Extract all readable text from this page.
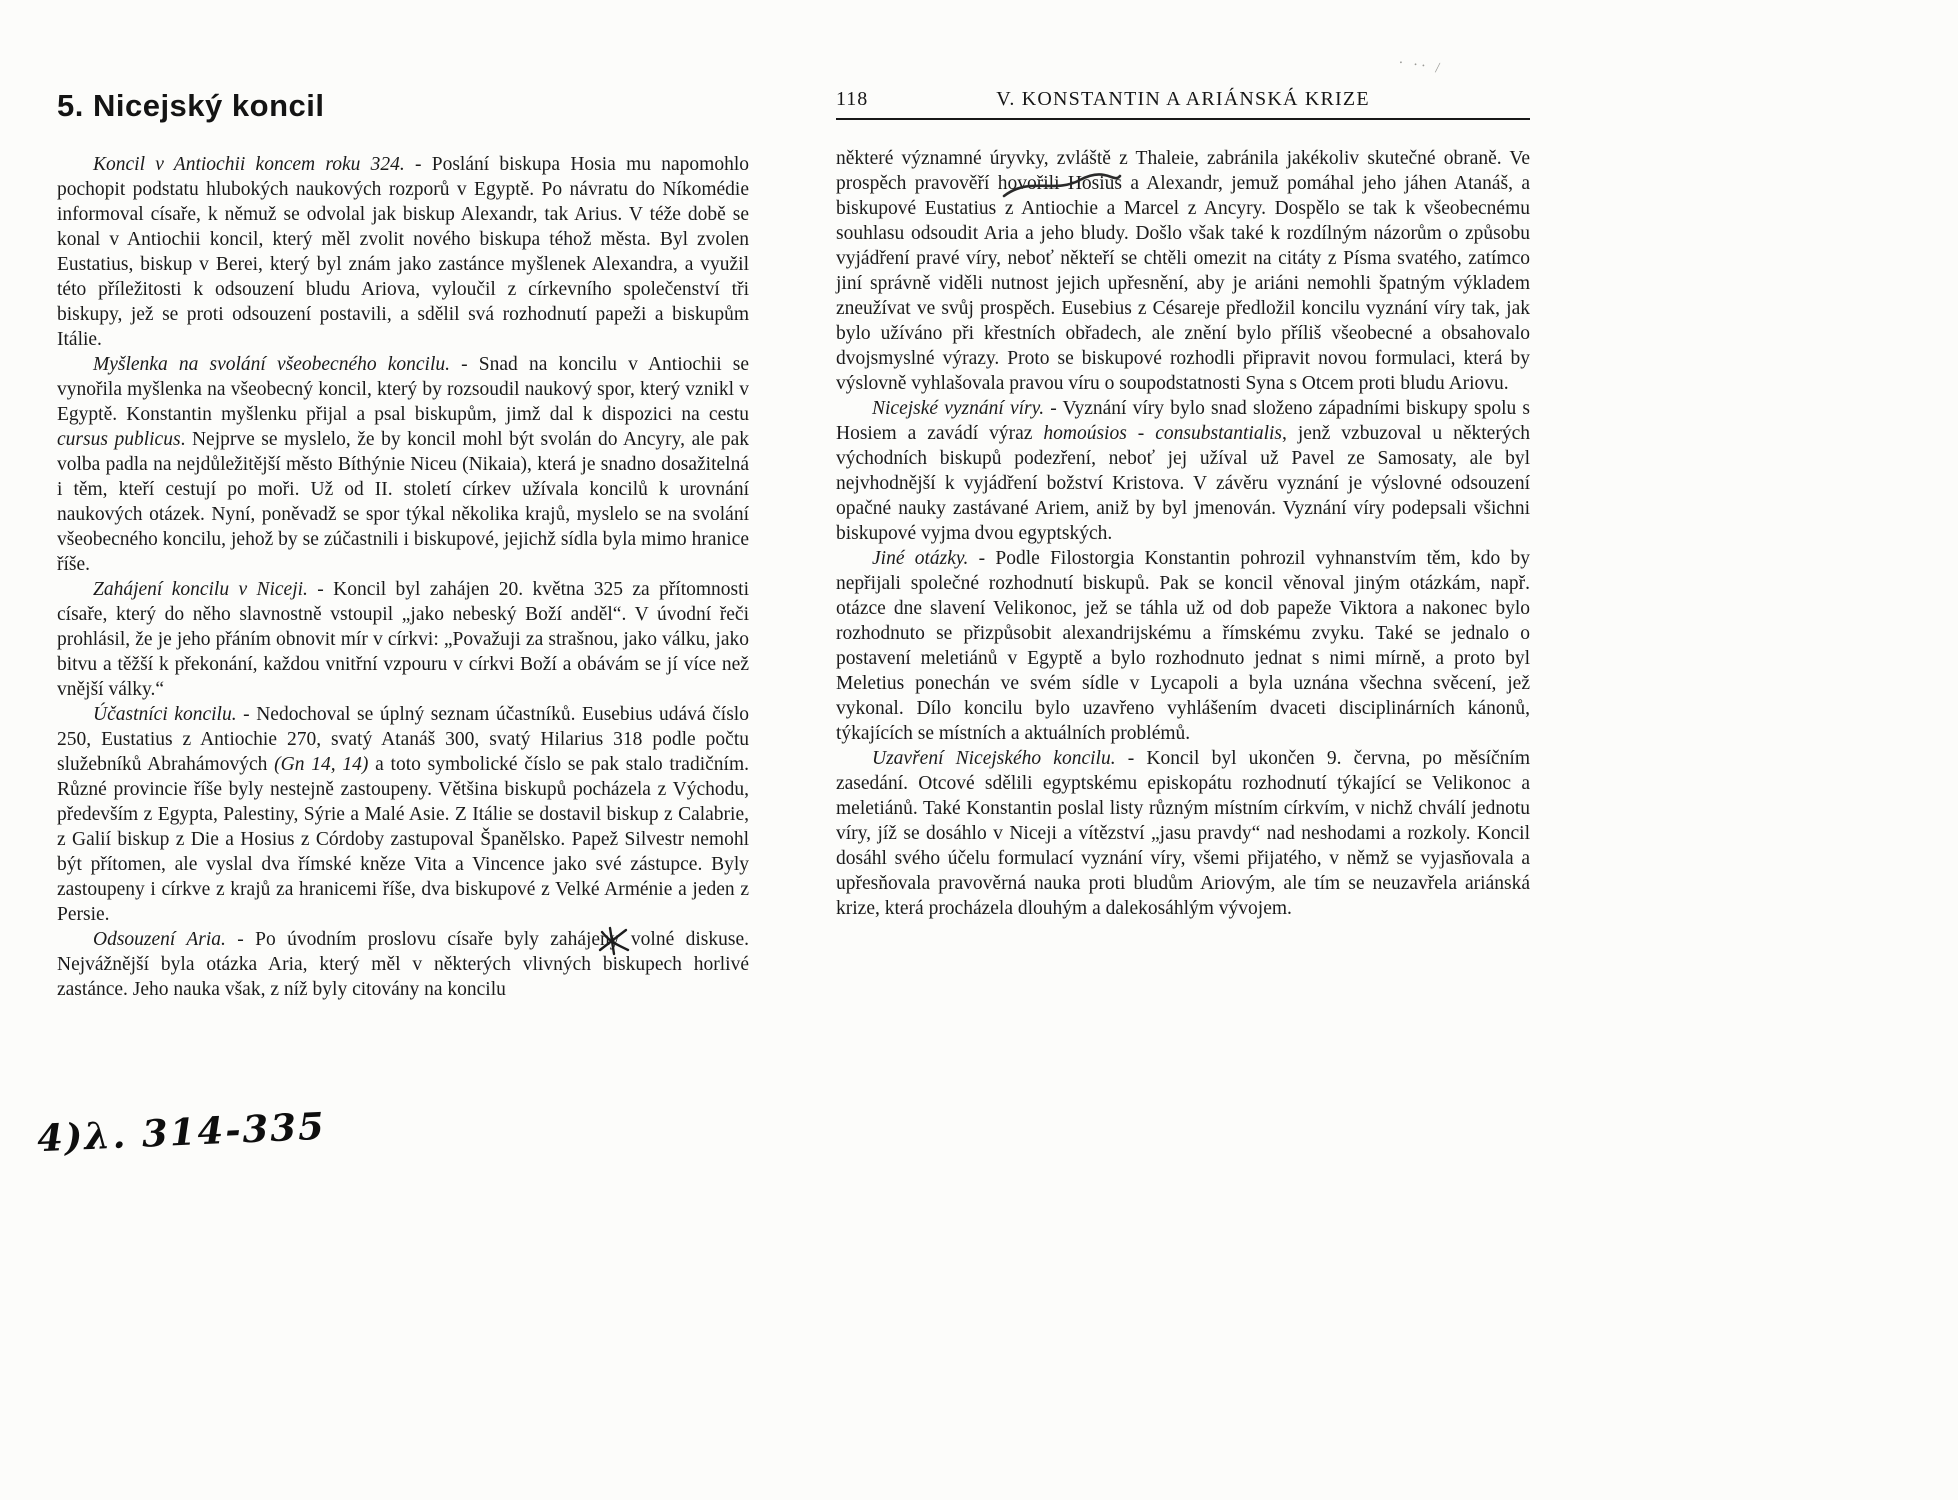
5. Nicejský koncil

Koncil v Antiochii koncem roku 324. - Poslání biskupa Hosia mu napomohlo pochopit podstatu hlubokých naukových rozporů v Egyptě. Po návratu do Níkomédie informoval císaře, k němuž se odvolal jak biskup Alexandr, tak Arius. V téže době se konal v Antiochii koncil, který měl zvolit nového biskupa téhož města. Byl zvolen Eustatius, biskup v Berei, který byl znám jako zastánce myšlenek Alexandra, a využil této příležitosti k odsouzení bludu Ariova, vyloučil z církevního společenství tři biskupy, jež se proti odsouzení postavili, a sdělil svá rozhodnutí papeži a biskupům Itálie.

Myšlenka na svolání všeobecného koncilu. - Snad na koncilu v Antiochii se vynořila myšlenka na všeobecný koncil, který by rozsoudil naukový spor, který vznikl v Egyptě. Konstantin myšlenku přijal a psal biskupům, jimž dal k dispozici na cestu cursus publicus. Nejprve se myslelo, že by koncil mohl být svolán do Ancyry, ale pak volba padla na nejdůležitější město Bíthýnie Niceu (Nikaia), která je snadno dosažitelná i těm, kteří cestují po moři. Už od II. století církev užívala koncilů k urovnání naukových otázek. Nyní, poněvadž se spor týkal několika krajů, myslelo se na svolání všeobecného koncilu, jehož by se zúčastnili i biskupové, jejichž sídla byla mimo hranice říše.

Zahájení koncilu v Niceji. - Koncil byl zahájen 20. května 325 za přítomnosti císaře, který do něho slavnostně vstoupil „jako nebeský Boží anděl“. V úvodní řeči prohlásil, že je jeho přáním obnovit mír v církvi: „Považuji za strašnou, jako válku, jako bitvu a těžší k překonání, každou vnitřní vzpouru v církvi Boží a obávám se jí více než vnější války.“

Účastníci koncilu. - Nedochoval se úplný seznam účastníků. Eusebius udává číslo 250, Eustatius z Antiochie 270, svatý Atanáš 300, svatý Hilarius 318 podle počtu služebníků Abrahámových (Gn 14, 14) a toto symbolické číslo se pak stalo tradičním. Různé provincie říše byly nestejně zastoupeny. Většina biskupů pocházela z Východu, především z Egypta, Palestiny, Sýrie a Malé Asie. Z Itálie se dostavil biskup z Calabrie, z Galií biskup z Die a Hosius z Córdoby zastupoval Španělsko. Papež Silvestr nemohl být přítomen, ale vyslal dva římské kněze Vita a Vincence jako své zástupce. Byly zastoupeny i církve z krajů za hranicemi říše, dva biskupové z Velké Arménie a jeden z Persie.

Odsouzení Aria. - Po úvodním proslovu císaře byly zahájeny volné diskuse. Nejvážnější byla otázka Aria, který měl v některých vlivných biskupech horlivé zastánce. Jeho nauka však, z níž byly citovány na koncilu

4)λ. 314-335
118	V. KONSTANTIN A ARIÁNSKÁ KRIZE

některé významné úryvky, zvláště z Thaleie, zabránila jakékoliv skutečné obraně. Ve prospěch pravověří hovořili Hosius a Alexandr, jemuž pomáhal jeho jáhen Atanáš, a biskupové Eustatius z Antiochie a Marcel z Ancyry. Dospělo se tak k všeobecnému souhlasu odsoudit Aria a jeho bludy. Došlo však také k rozdílným názorům o způsobu vyjádření pravé víry, neboť někteří se chtěli omezit na citáty z Písma svatého, zatímco jiní správně viděli nutnost jejich upřesnění, aby je ariáni nemohli špatným výkladem zneužívat ve svůj prospěch. Eusebius z Césareje předložil koncilu vyznání víry tak, jak bylo užíváno při křestních obřadech, ale znění bylo příliš všeobecné a obsahovalo dvojsmyslné výrazy. Proto se biskupové rozhodli připravit novou formulaci, která by výslovně vyhlašovala pravou víru o soupodstatnosti Syna s Otcem proti bludu Ariovu.

Nicejské vyznání víry. - Vyznání víry bylo snad složeno západními biskupy spolu s Hosiem a zavádí výraz homoúsios - consubstantialis, jenž vzbuzoval u některých východních biskupů podezření, neboť jej užíval už Pavel ze Samosaty, ale byl nejvhodnější k vyjádření božství Kristova. V závěru vyznání je výslovné odsouzení opačné nauky zastávané Ariem, aniž by byl jmenován. Vyznání víry podepsali všichni biskupové vyjma dvou egyptských.

Jiné otázky. - Podle Filostorgia Konstantin pohrozil vyhnanstvím těm, kdo by nepřijali společné rozhodnutí biskupů. Pak se koncil věnoval jiným otázkám, např. otázce dne slavení Velikonoc, jež se táhla už od dob papeže Viktora a nakonec bylo rozhodnuto se přizpůsobit alexandrijskému a římskému zvyku. Také se jednalo o postavení meletiánů v Egyptě a bylo rozhodnuto jednat s nimi mírně, a proto byl Meletius ponechán ve svém sídle v Lycapoli a byla uznána všechna svěcení, jež vykonal. Dílo koncilu bylo uzavřeno vyhlášením dvaceti disciplinárních kánonů, týkajících se místních a aktuálních problémů.

Uzavření Nicejského koncilu. - Koncil byl ukončen 9. června, po měsíčním zasedání. Otcové sdělili egyptskému episkopátu rozhodnutí týkající se Velikonoc a meletiánů. Také Konstantin poslal listy různým místním církvím, v nichž chválí jednotu víry, jíž se dosáhlo v Niceji a vítězství „jasu pravdy“ nad neshodami a rozkoly. Koncil dosáhl svého účelu formulací vyznání víry, všemi přijatého, v němž se vyjasňovala a upřesňovala pravověrná nauka proti bludům Ariovým, ale tím se neuzavřela ariánská krize, která procházela dlouhým a dalekosáhlým vývojem.

· ·· /
